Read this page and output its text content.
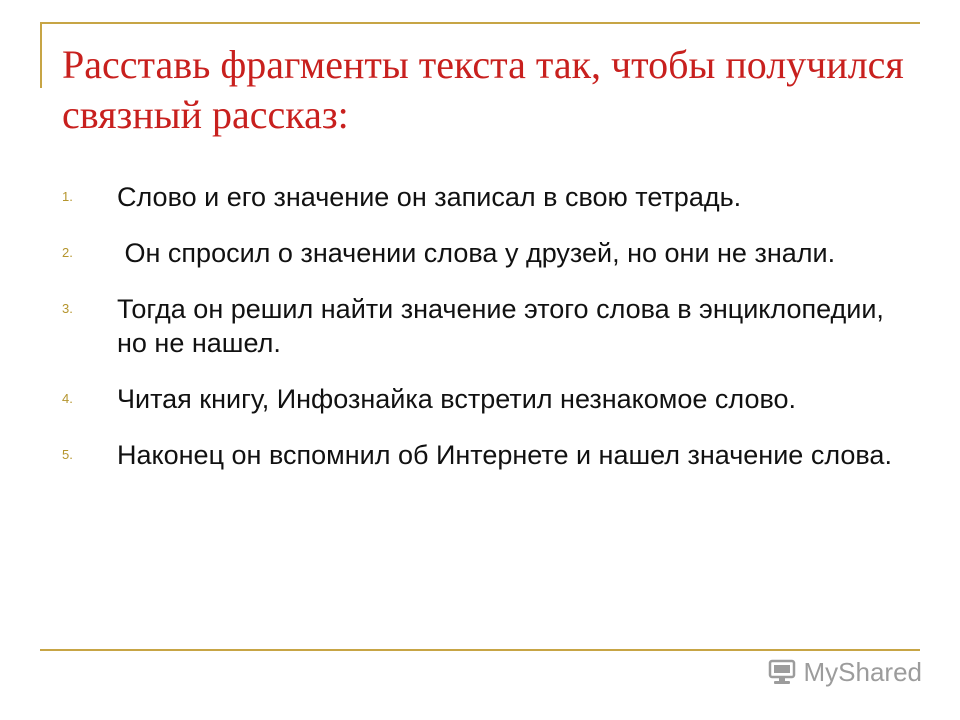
Расставь фрагменты текста так, чтобы получился связный рассказ:
1. Слово и его значение он записал в свою тетрадь.
2. Он спросил о значении слова у друзей, но они не знали.
3. Тогда он решил найти значение этого слова в энциклопедии, но не нашел.
4. Читая книгу, Инфознайка встретил незнакомое слово.
5. Наконец он вспомнил об Интернете и нашел значение слова.
MyShared
